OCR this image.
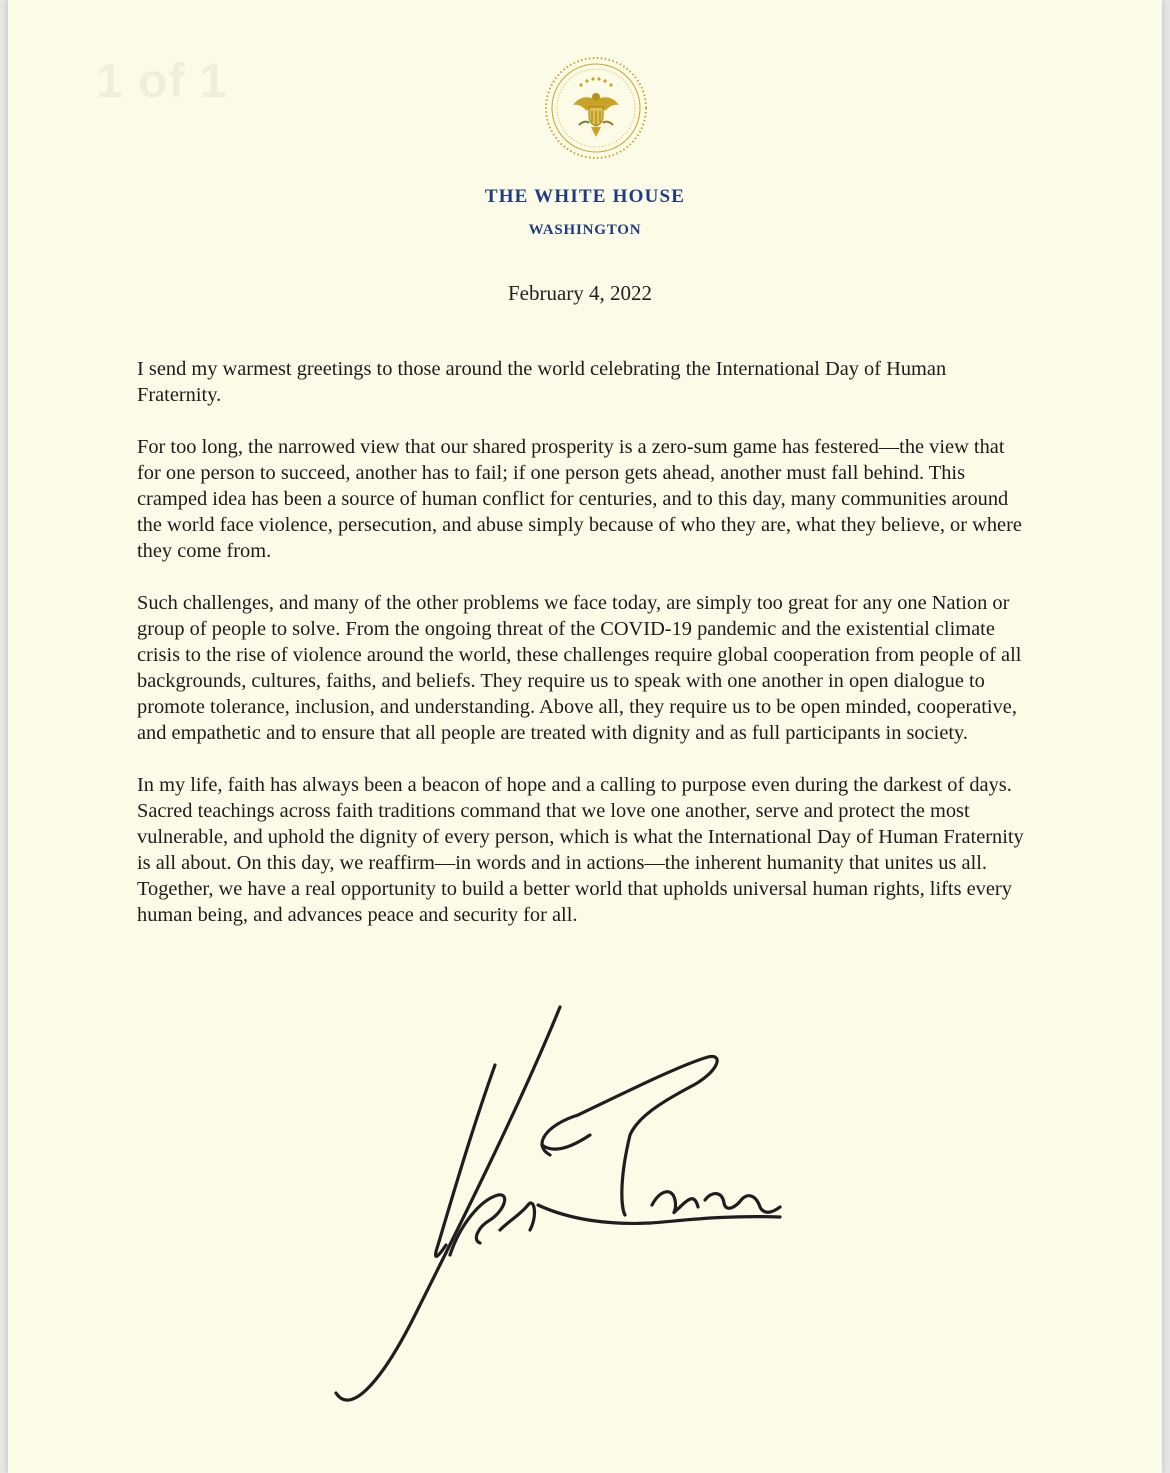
1 of 1
THE WHITE HOUSE
WASHINGTON
February 4, 2022

I send my warmest greetings to those around the world celebrating the International Day of Human Fraternity.

For too long, the narrowed view that our shared prosperity is a zero-sum game has festered—the view that for one person to succeed, another has to fail; if one person gets ahead, another must fall behind. This cramped idea has been a source of human conflict for centuries, and to this day, many communities around the world face violence, persecution, and abuse simply because of who they are, what they believe, or where they come from.

Such challenges, and many of the other problems we face today, are simply too great for any one Nation or group of people to solve. From the ongoing threat of the COVID-19 pandemic and the existential climate crisis to the rise of violence around the world, these challenges require global cooperation from people of all backgrounds, cultures, faiths, and beliefs. They require us to speak with one another in open dialogue to promote tolerance, inclusion, and understanding. Above all, they require us to be open minded, cooperative, and empathetic and to ensure that all people are treated with dignity and as full participants in society.

In my life, faith has always been a beacon of hope and a calling to purpose even during the darkest of days. Sacred teachings across faith traditions command that we love one another, serve and protect the most vulnerable, and uphold the dignity of every person, which is what the International Day of Human Fraternity is all about. On this day, we reaffirm—in words and in actions—the inherent humanity that unites us all. Together, we have a real opportunity to build a better world that upholds universal human rights, lifts every human being, and advances peace and security for all.
